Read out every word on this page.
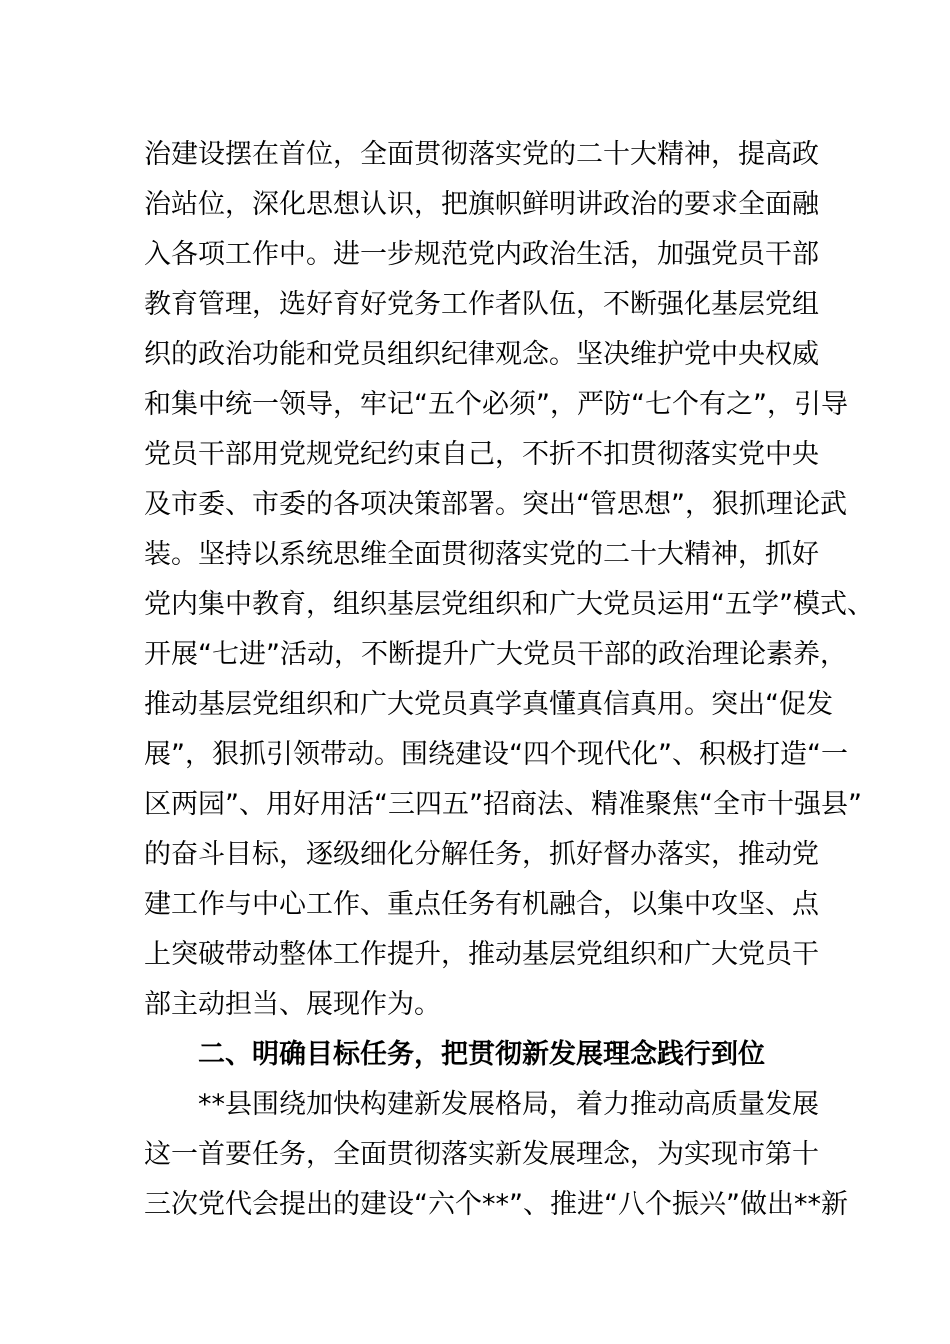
治建设摆在首位，全面贯彻落实党的二十大精神，提高政
治站位，深化思想认识，把旗帜鲜明讲政治的要求全面融
入各项工作中。进一步规范党内政治生活，加强党员干部
教育管理，选好育好党务工作者队伍，不断强化基层党组
织的政治功能和党员组织纪律观念。坚决维护党中央权威
和集中统一领导，牢记“五个必须”，严防“七个有之”，引导
党员干部用党规党纪约束自己，不折不扣贯彻落实党中央
及市委、市委的各项决策部署。突出“管思想”，狠抓理论武
装。坚持以系统思维全面贯彻落实党的二十大精神，抓好
党内集中教育，组织基层党组织和广大党员运用“五学”模式、
开展“七进”活动，不断提升广大党员干部的政治理论素养，
推动基层党组织和广大党员真学真懂真信真用。突出“促发
展”，狠抓引领带动。围绕建设“四个现代化”、积极打造“一
区两园”、用好用活“三四五”招商法、精准聚焦“全市十强县”
的奋斗目标，逐级细化分解任务，抓好督办落实，推动党
建工作与中心工作、重点任务有机融合，以集中攻坚、点
上突破带动整体工作提升，推动基层党组织和广大党员干
部主动担当、展现作为。
二、明确目标任务，把贯彻新发展理念践行到位
**县围绕加快构建新发展格局，着力推动高质量发展
这一首要任务，全面贯彻落实新发展理念，为实现市第十
三次党代会提出的建设“六个**”、推进“八个振兴”做出**新
